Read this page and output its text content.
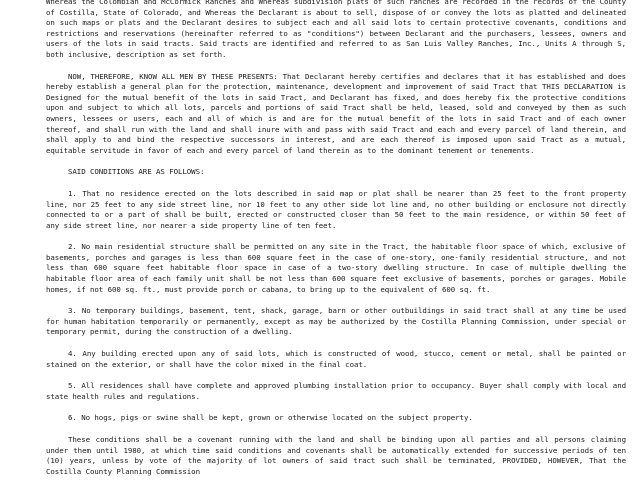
Whereas the Colombian and McCormick Ranches and Whereas subdivision plats of such ranches are recorded in the records of the County of Costilla, State of Colorado, and Whereas the Declarant is about to sell, dispose of or convey the lots as platted and delineated on such maps or plats and the Declarant desires to subject each and all said lots to certain protective covenants, conditions and restrictions and reservations (hereinafter referred to as "conditions") between Declarant and the purchasers, lessees, owners and users of the lots in said tracts. Said tracts are identified and referred to as San Luis Valley Ranches, Inc., Units A through S, both inclusive, description as set forth.

NOW, THEREFORE, KNOW ALL MEN BY THESE PRESENTS: That Declarant hereby certifies and declares that it has established and does hereby establish a general plan for the protection, maintenance, development and improvement of said Tract that THIS DECLARATION is Designed for the mutual benefit of the lots in said Tract, and Declarant has fixed, and does hereby fix the protective conditions upon and subject to which all lots, parcels and portions of said Tract shall be held, leased, sold and conveyed by them as such owners, lessees or users, each and all of which is and are for the mutual benefit of the lots in said Tract and of each owner thereof, and shall run with the land and shall inure with and pass with said Tract and each and every parcel of land therein, and shall apply to and bind the respective successors in interest, and are each thereof is imposed upon said Tract as a mutual, equitable servitude in favor of each and every parcel of land therein as to the dominant tenement or tenements.

SAID CONDITIONS ARE AS FOLLOWS:

1. That no residence erected on the lots described in said map or plat shall be nearer than 25 feet to the front property line, nor 25 feet to any side street line, nor 10 feet to any other side lot line and, no other building or enclosure not directly connected to or a part of shall be built, erected or constructed closer than 50 feet to the main residence, or within 50 feet of any side street line, nor nearer a side property line of ten feet.

2. No main residential structure shall be permitted on any site in the Tract, the habitable floor space of which, exclusive of basements, porches and garages is less than 600 square feet in the case of one-story, one-family residential structure, and not less than 600 square feet habitable floor space in case of a two-story dwelling structure. In case of multiple dwelling the habitable floor area of each family unit shall be not less than 600 square feet exclusive of basements, porches or garages. Mobile homes, if not 600 sq. ft., must provide porch or cabana, to bring up to the equivalent of 600 sq. ft.

3. No temporary buildings, basement, tent, shack, garage, barn or other outbuildings in said tract shall at any time be used for human habitation temporarily or permanently, except as may be authorized by the Costilla Planning Commission, under special or temporary permit, during the construction of a dwelling.

4. Any building erected upon any of said lots, which is constructed of wood, stucco, cement or metal, shall be painted or stained on the exterior, or shall have the color mixed in the final coat.

5. All residences shall have complete and approved plumbing installation prior to occupancy. Buyer shall comply with local and state health rules and regulations.

6. No hogs, pigs or swine shall be kept, grown or otherwise located on the subject property.

These conditions shall be a covenant running with the land and shall be binding upon all parties and all persons claiming under them until 1980, at which time said conditions and covenants shall be automatically extended for successive periods of ten (10) years, unless by vote of the majority of lot owners of said tract such shall be terminated, PROVIDED, HOWEVER, That the Costilla County Planning Commission
